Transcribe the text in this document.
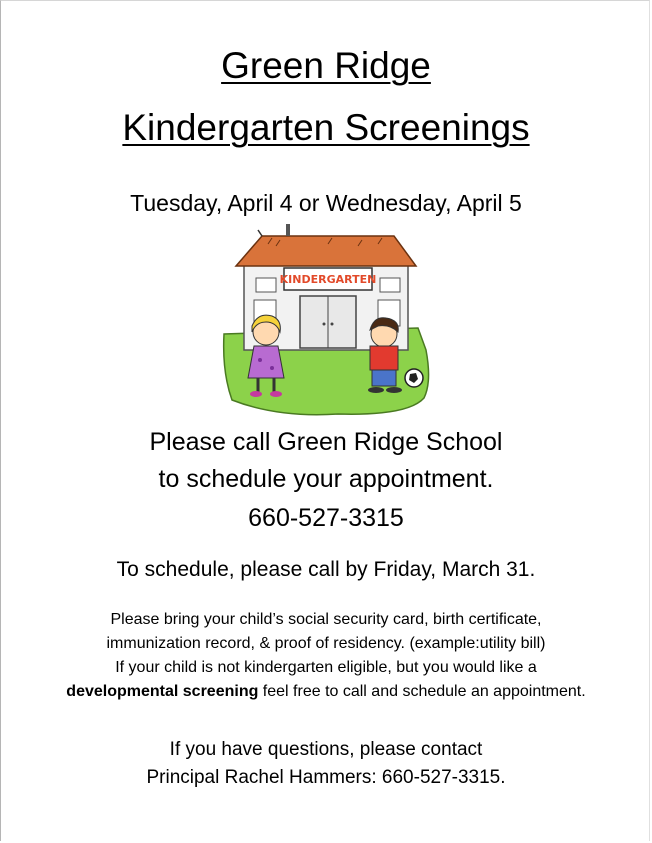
Green Ridge
Kindergarten Screenings

Tuesday, April 4 or Wednesday, April 5

KINDERGARTEN

Please call Green Ridge School

to schedule your appointment.

660-527-3315

To schedule, please call by Friday, March 31.

Please bring your child’s social security card, birth certificate,

immunization record, & proof of residency. (example:utility bill)

If your child is not kindergarten eligible, but you would like a

developmental screening feel free to call and schedule an appointment.

If you have questions, please contact

Principal Rachel Hammers: 660-527-3315.
